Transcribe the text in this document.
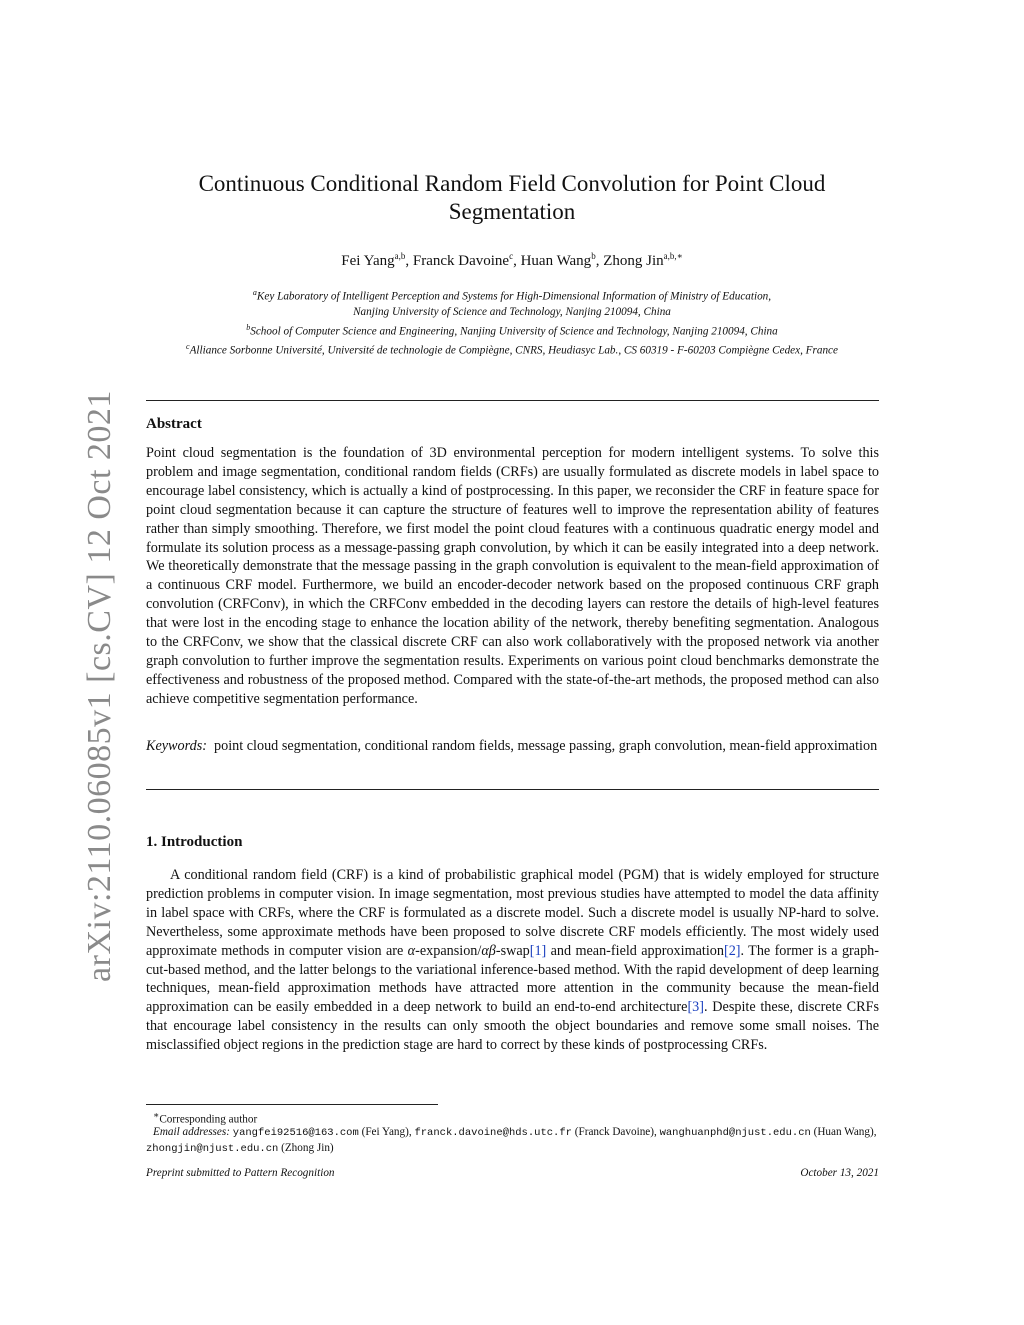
arXiv:2110.06085v1 [cs.CV] 12 Oct 2021
Continuous Conditional Random Field Convolution for Point Cloud
Segmentation
Fei Yang$^{a,b}$, Franck Davoine$^c$, Huan Wang$^b$, Zhong Jin$^{a,b,∗}$
$^a$Key Laboratory of Intelligent Perception and Systems for High-Dimensional Information of Ministry of Education,
Nanjing University of Science and Technology, Nanjing 210094, China
$^b$School of Computer Science and Engineering, Nanjing University of Science and Technology, Nanjing 210094, China
$^c$Alliance Sorbonne Université, Université de technologie de Compiègne, CNRS, Heudiasyc Lab., CS 60319 - F-60203 Compiègne Cedex, France
Abstract
Point cloud segmentation is the foundation of 3D environmental perception for modern intelligent systems. To solve this problem and image segmentation, conditional random fields (CRFs) are usually formulated as discrete models in label space to encourage label consistency, which is actually a kind of postprocessing. In this paper, we reconsider the CRF in feature space for point cloud segmentation because it can capture the structure of features well to improve the representation ability of features rather than simply smoothing. Therefore, we first model the point cloud features with a continuous quadratic energy model and formulate its solution process as a message-passing graph convolution, by which it can be easily integrated into a deep network. We theoretically demonstrate that the message passing in the graph convolution is equivalent to the mean-field approximation of a continuous CRF model. Furthermore, we build an encoder-decoder network based on the proposed continuous CRF graph convolution (CRFConv), in which the CRFConv embedded in the decoding layers can restore the details of high-level features that were lost in the encoding stage to enhance the location ability of the network, thereby benefiting segmentation. Analogous to the CRFConv, we show that the classical discrete CRF can also work collaboratively with the proposed network via another graph convolution to further improve the segmentation results. Experiments on various point cloud benchmarks demonstrate the effectiveness and robustness of the proposed method. Compared with the state-of-the-art methods, the proposed method can also achieve competitive segmentation performance.
Keywords: point cloud segmentation, conditional random fields, message passing, graph convolution, mean-field approximation
1. Introduction
A conditional random field (CRF) is a kind of probabilistic graphical model (PGM) that is widely employed for structure prediction problems in computer vision. In image segmentation, most previous studies have attempted to model the data affinity in label space with CRFs, where the CRF is formulated as a discrete model. Such a discrete model is usually NP-hard to solve. Nevertheless, some approximate methods have been proposed to solve discrete CRF models efficiently. The most widely used approximate methods in computer vision are α-expansion/αβ-swap[1] and mean-field approximation[2]. The former is a graph-cut-based method, and the latter belongs to the variational inference-based method. With the rapid development of deep learning techniques, mean-field approximation methods have attracted more attention in the community because the mean-field approximation can be easily embedded in a deep network to build an end-to-end architecture[3]. Despite these, discrete CRFs that encourage label consistency in the results can only smooth the object boundaries and remove some small noises. The misclassified object regions in the prediction stage are hard to correct by these kinds of postprocessing CRFs.
∗Corresponding author
Email addresses: yangfei92516@163.com (Fei Yang), franck.davoine@hds.utc.fr (Franck Davoine), wanghuanphd@njust.edu.cn (Huan Wang), zhongjin@njust.edu.cn (Zhong Jin)
Preprint submitted to Pattern Recognition	October 13, 2021
